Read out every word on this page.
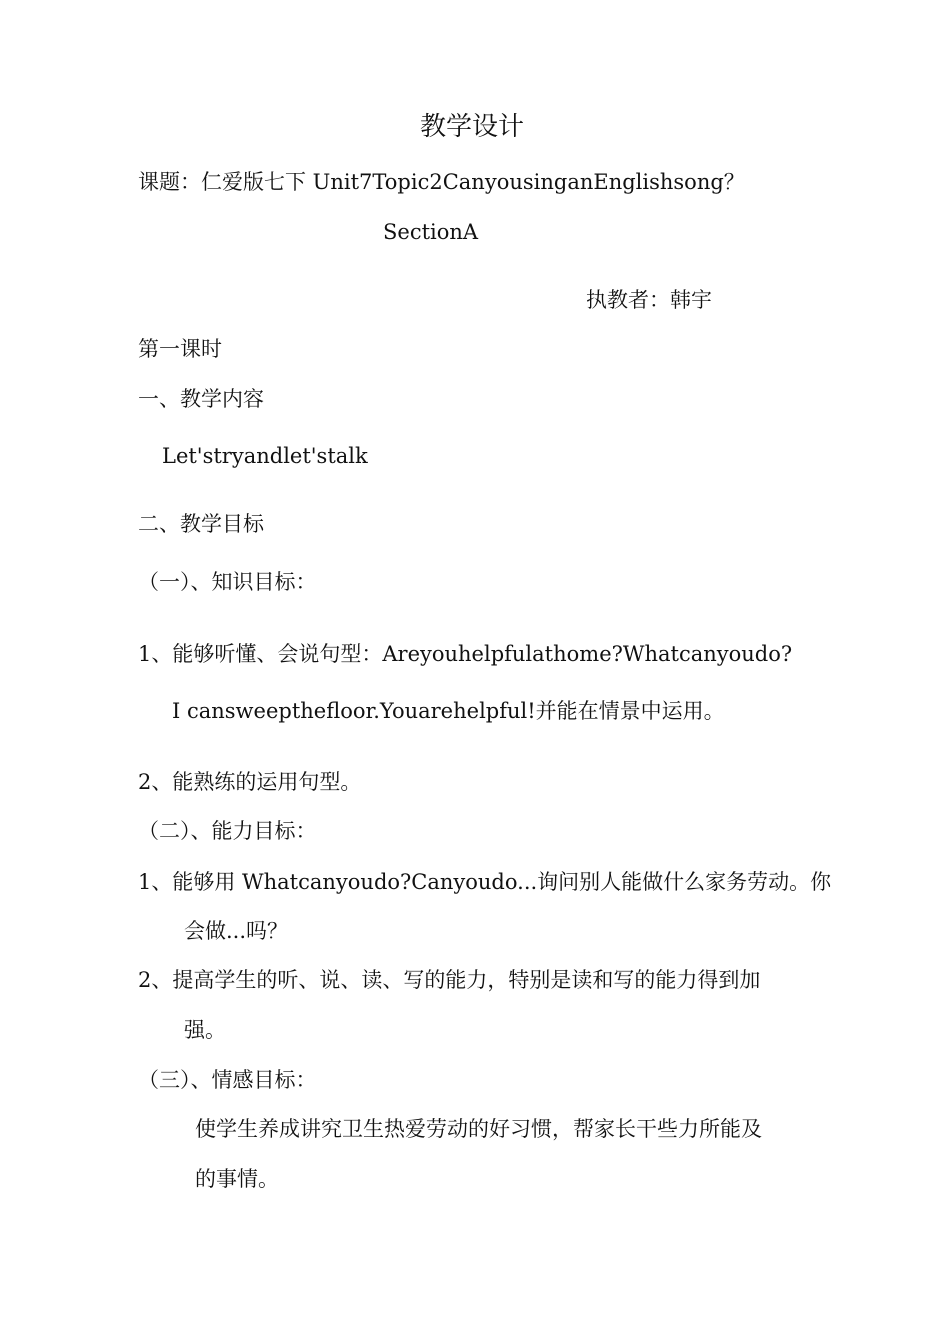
教学设计
课题：仁爱版七下 Unit7Topic2CanyousinganEnglishsong？
SectionA
执教者：韩宇
第一课时
一、教学内容
Let'stryandlet'stalk
二、教学目标
（一）、知识目标：
1、能够听懂、会说句型：Areyouhelpfulathome?Whatcanyoudo?
I cansweepthefloor.Youarehelpful!并能在情景中运用。
2、能熟练的运用句型。
（二）、能力目标：
1、能够用 Whatcanyoudo?Canyoudo...询问别人能做什么家务劳动。你
会做...吗？
2、提高学生的听、说、读、写的能力，特别是读和写的能力得到加
强。
（三）、情感目标：
使学生养成讲究卫生热爱劳动的好习惯，帮家长干些力所能及
的事情。
